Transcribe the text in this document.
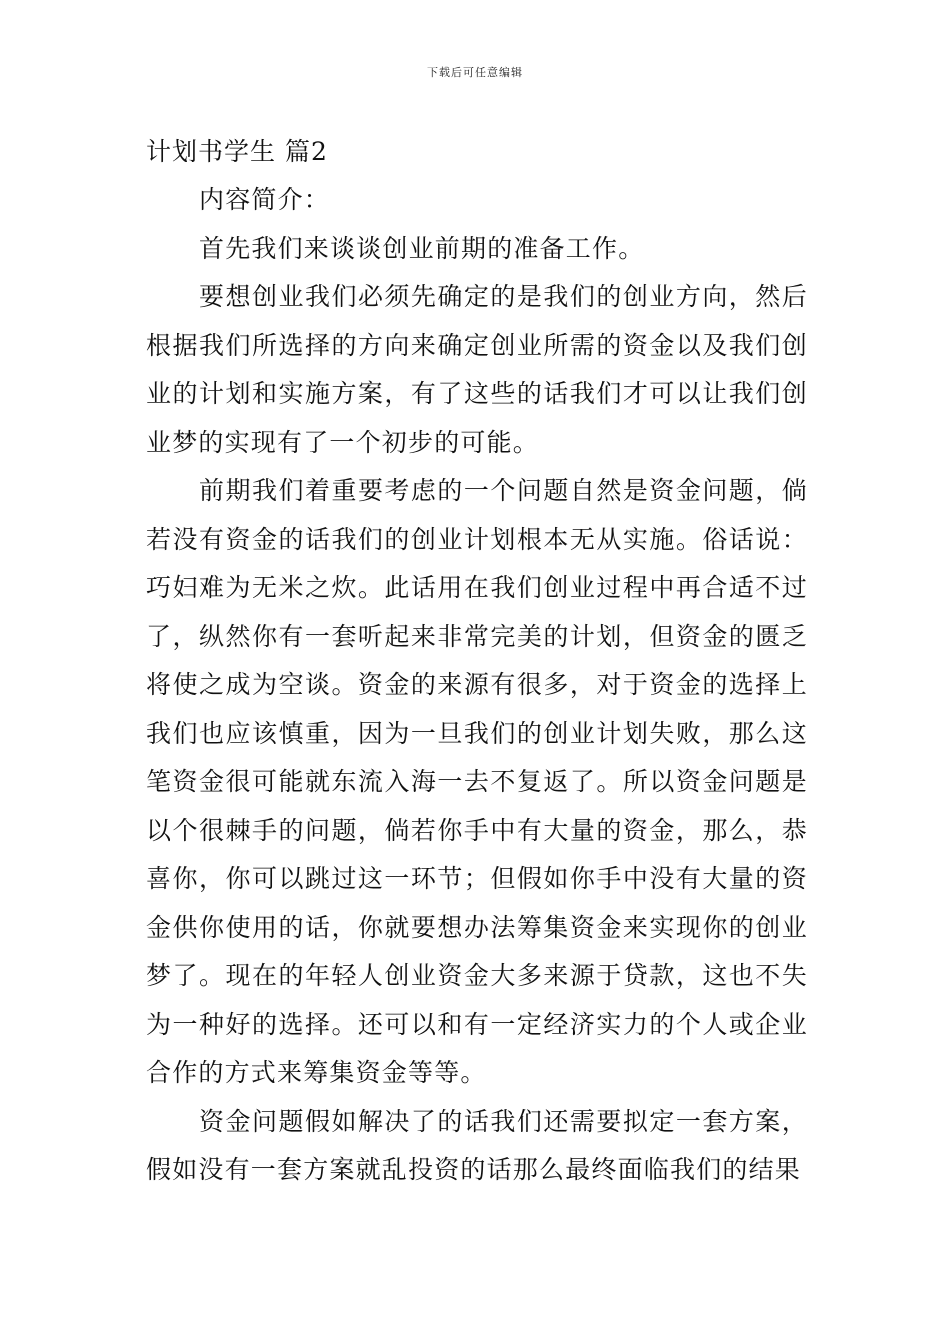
下载后可任意编辑
计划书学生 篇2

内容简介：

首先我们来谈谈创业前期的准备工作。

要想创业我们必须先确定的是我们的创业方向，然后根据我们所选择的方向来确定创业所需的资金以及我们创业的计划和实施方案，有了这些的话我们才可以让我们创业梦的实现有了一个初步的可能。

前期我们着重要考虑的一个问题自然是资金问题，倘若没有资金的话我们的创业计划根本无从实施。俗话说：巧妇难为无米之炊。此话用在我们创业过程中再合适不过了，纵然你有一套听起来非常完美的计划，但资金的匮乏将使之成为空谈。资金的来源有很多，对于资金的选择上我们也应该慎重，因为一旦我们的创业计划失败，那么这笔资金很可能就东流入海一去不复返了。所以资金问题是以个很棘手的问题，倘若你手中有大量的资金，那么，恭喜你，你可以跳过这一环节；但假如你手中没有大量的资金供你使用的话，你就要想办法筹集资金来实现你的创业梦了。现在的年轻人创业资金大多来源于贷款，这也不失为一种好的选择。还可以和有一定经济实力的个人或企业合作的方式来筹集资金等等。

资金问题假如解决了的话我们还需要拟定一套方案，假如没有一套方案就乱投资的话那么最终面临我们的结果
